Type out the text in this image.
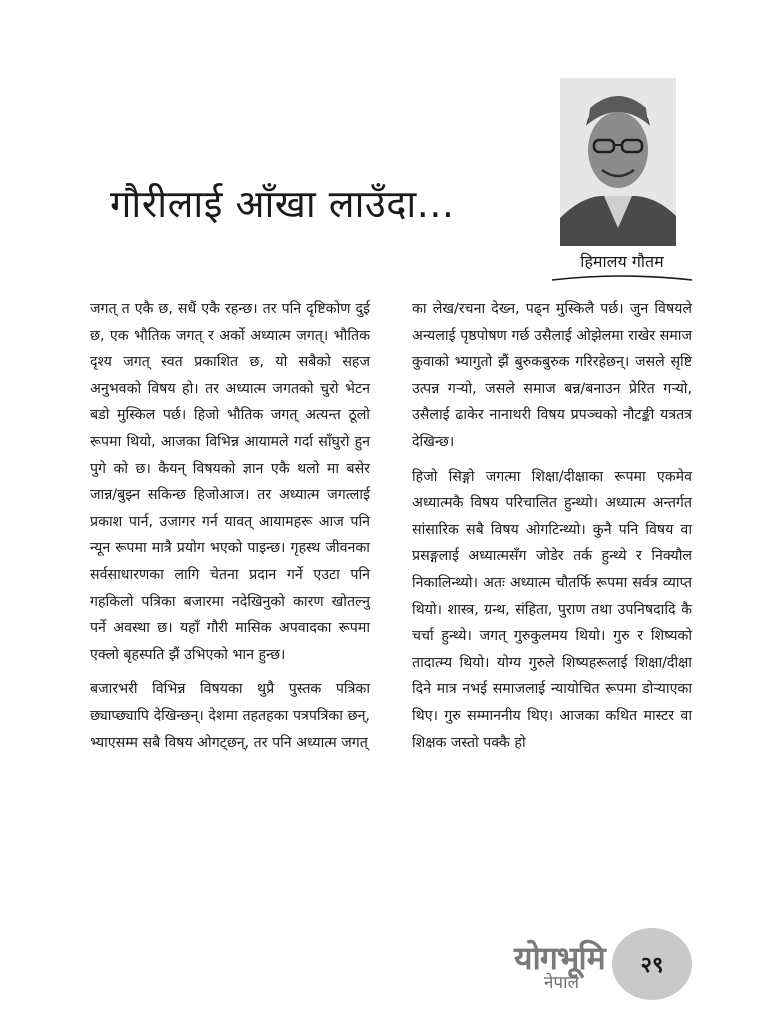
गौरीलाई आँखा लाउँदा...
हिमालय गौतम

जगत् त एकै छ, सधैं एकै रहन्छ। तर पनि दृष्टिकोण दुई छ, एक भौतिक जगत् र अर्को अध्यात्म जगत्। भौतिक दृश्य जगत् स्वत प्रकाशित छ, यो सबैको सहज अनुभवको विषय हो। तर अध्यात्म जगतको चुरो भेटन बडो मुस्किल पर्छ। हिजो भौतिक जगत् अत्यन्त ठूलो रूपमा थियो, आजका विभिन्न आयामले गर्दा साँघुरो हुन पुगे को छ। कैयन् विषयको ज्ञान एकै थलो मा बसेर जान्न/बुझ्न सकिन्छ हिजोआज। तर अध्यात्म जगत्लाई प्रकाश पार्न, उजागर गर्न यावत् आयामहरू आज पनि न्यून रूपमा मात्रै प्रयोग भएको पाइन्छ। गृहस्थ जीवनका सर्वसाधारणका लागि चेतना प्रदान गर्ने एउटा पनि गहकिलो पत्रिका बजारमा नदेखिनुको कारण खोतल्नु पर्ने अवस्था छ। यहाँ गौरी मासिक अपवादका रूपमा एक्लो बृहस्पति झैं उभिएको भान हुन्छ।

बजारभरी विभिन्न विषयका थुप्रै पुस्तक पत्रिका छ्याप्छ्यापि देखिन्छन्। देशमा तहतहका पत्रपत्रिका छन्, भ्याएसम्म सबै विषय ओगट्छन्, तर पनि अध्यात्म जगत्

का लेख/रचना देख्न, पढ्न मुस्किलै पर्छ। जुन विषयले अन्यलाई पृष्ठपोषण गर्छ उसैलाई ओझेलमा राखेर समाज कुवाको भ्यागुतो झैं बुरुकबुरुक गरिरहेछन्। जसले सृष्टि उत्पन्न गर्‍यो, जसले समाज बन्न/बनाउन प्रेरित गर्‍यो, उसैलाई ढाकेर नानाथरी विषय प्रपञ्चको नौटङ्की यत्रतत्र देखिन्छ।

हिजो सिङ्गो जगत्मा शिक्षा/दीक्षाका रूपमा एकमेव अध्यात्मकै विषय परिचालित हुन्थ्यो। अध्यात्म अन्तर्गत सांसारिक सबै विषय ओगटिन्थ्यो। कुनै पनि विषय वा प्रसङ्गलाई अध्यात्मसँग जोडेर तर्क हुन्थ्ये र निक्यौल निकालिन्थ्यो। अतः अध्यात्म चौतर्फि रूपमा सर्वत्र व्याप्त थियो। शास्त्र, ग्रन्थ, संहिता, पुराण तथा उपनिषदादि कै चर्चा हुन्थ्ये। जगत् गुरुकुलमय थियो। गुरु र शिष्यको तादात्म्य थियो। योग्य गुरुले शिष्यहरूलाई शिक्षा/दीक्षा दिने मात्र नभई समाजलाई न्यायोचित रूपमा डोर्‍याएका थिए। गुरु सम्माननीय थिए। आजका कथित मास्टर वा शिक्षक जस्तो पक्कै हो

योगभूमि
नेपाल
२९
